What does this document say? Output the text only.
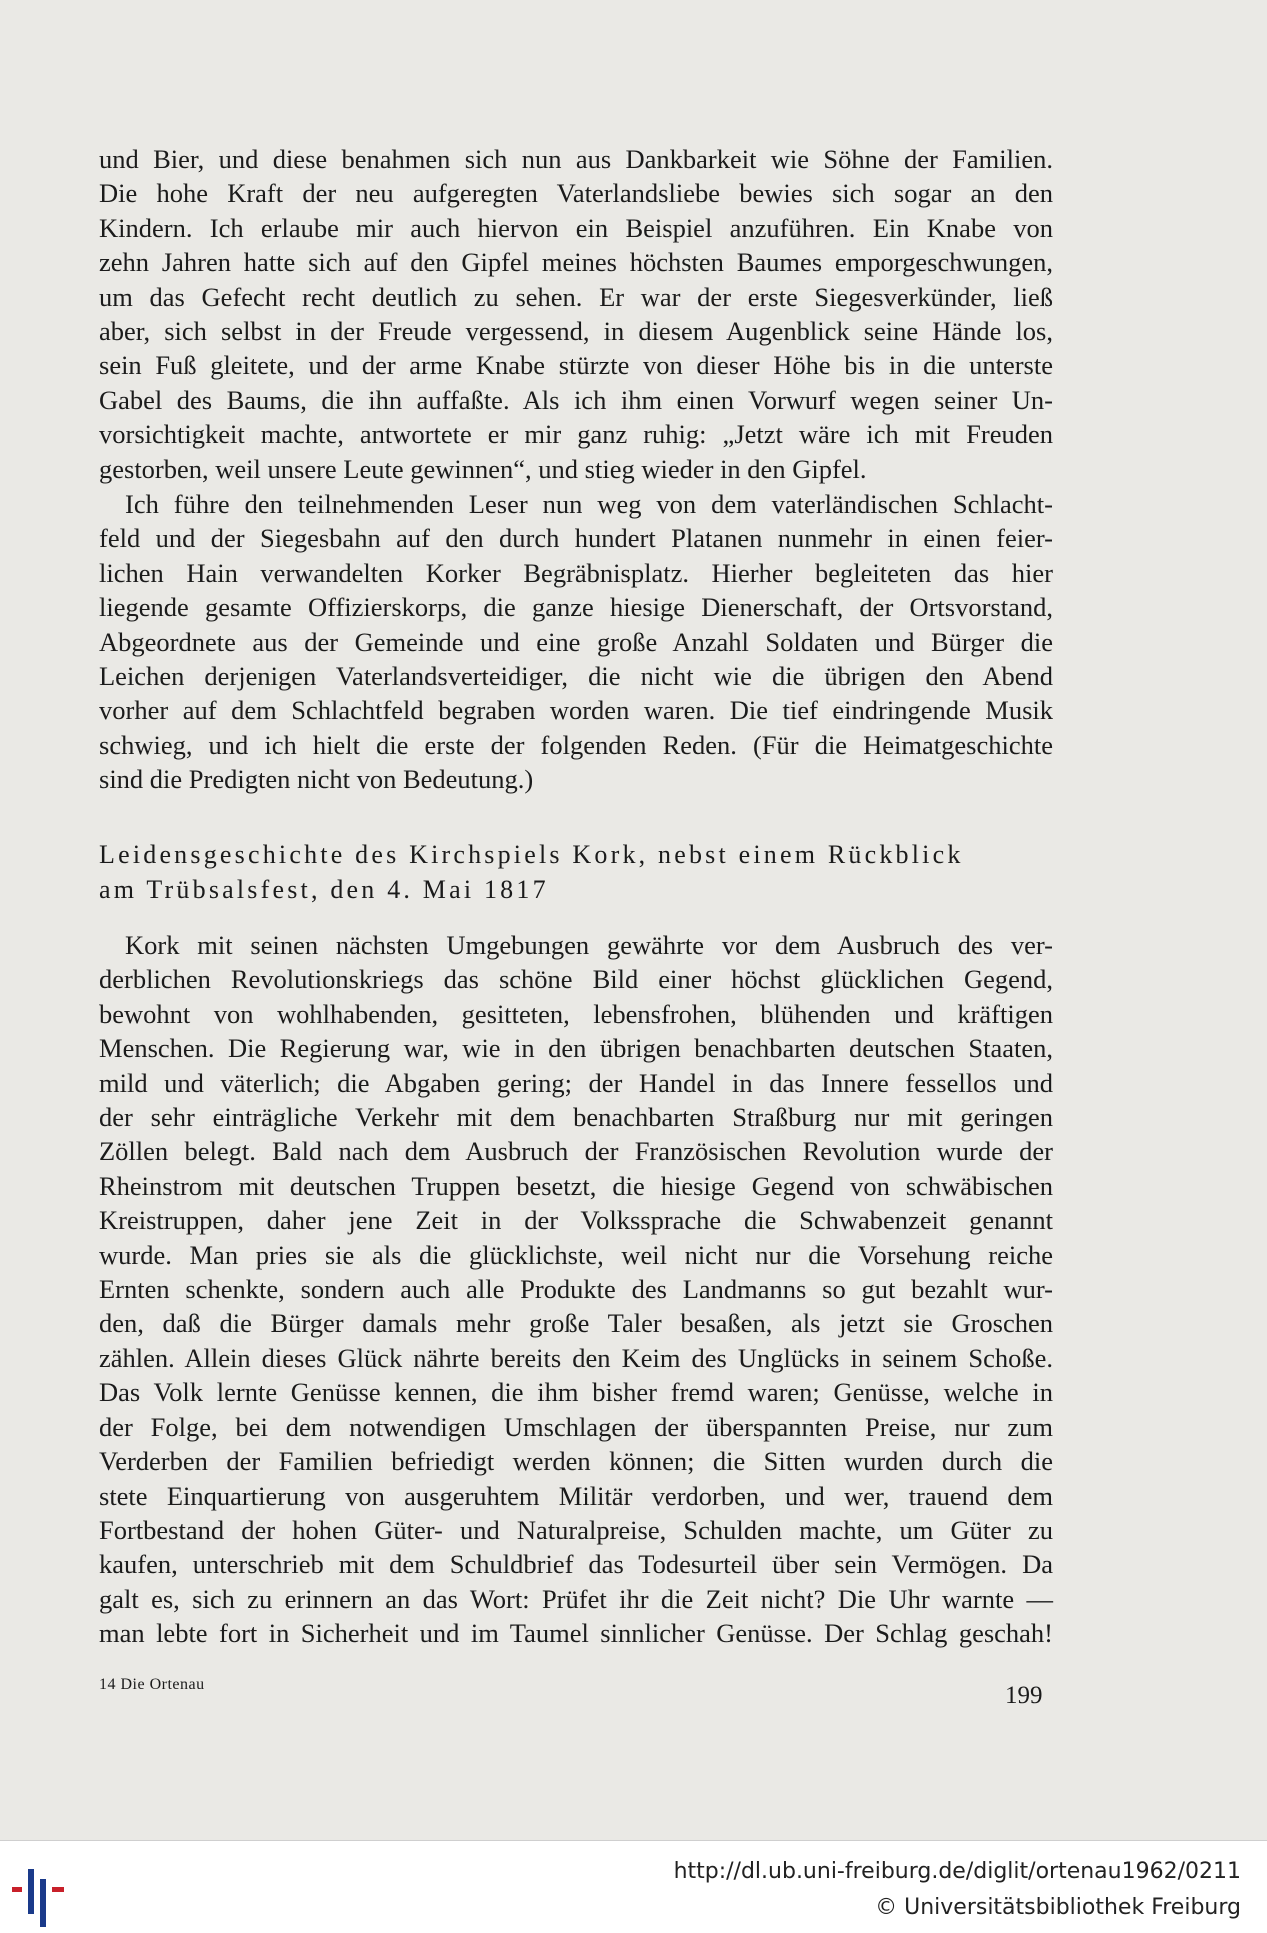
und Bier, und diese benahmen sich nun aus Dankbarkeit wie Söhne der Familien.
Die hohe Kraft der neu aufgeregten Vaterlandsliebe bewies sich sogar an den
Kindern. Ich erlaube mir auch hiervon ein Beispiel anzuführen. Ein Knabe von
zehn Jahren hatte sich auf den Gipfel meines höchsten Baumes emporgeschwungen,
um das Gefecht recht deutlich zu sehen. Er war der erste Siegesverkünder, ließ
aber, sich selbst in der Freude vergessend, in diesem Augenblick seine Hände los,
sein Fuß gleitete, und der arme Knabe stürzte von dieser Höhe bis in die unterste
Gabel des Baums, die ihn auffaßte. Als ich ihm einen Vorwurf wegen seiner Un-
vorsichtigkeit machte, antwortete er mir ganz ruhig: „Jetzt wäre ich mit Freuden
gestorben, weil unsere Leute gewinnen“, und stieg wieder in den Gipfel.

Ich führe den teilnehmenden Leser nun weg von dem vaterländischen Schlacht-
feld und der Siegesbahn auf den durch hundert Platanen nunmehr in einen feier-
lichen Hain verwandelten Korker Begräbnisplatz. Hierher begleiteten das hier
liegende gesamte Offizierskorps, die ganze hiesige Dienerschaft, der Ortsvorstand,
Abgeordnete aus der Gemeinde und eine große Anzahl Soldaten und Bürger die
Leichen derjenigen Vaterlandsverteidiger, die nicht wie die übrigen den Abend
vorher auf dem Schlachtfeld begraben worden waren. Die tief eindringende Musik
schwieg, und ich hielt die erste der folgenden Reden. (Für die Heimatgeschichte
sind die Predigten nicht von Bedeutung.)

Leidensgeschichte des Kirchspiels Kork, nebst einem Rückblick
am Trübsalsfest, den 4. Mai 1817

Kork mit seinen nächsten Umgebungen gewährte vor dem Ausbruch des ver-
derblichen Revolutionskriegs das schöne Bild einer höchst glücklichen Gegend,
bewohnt von wohlhabenden, gesitteten, lebensfrohen, blühenden und kräftigen
Menschen. Die Regierung war, wie in den übrigen benachbarten deutschen Staaten,
mild und väterlich; die Abgaben gering; der Handel in das Innere fessellos und
der sehr einträgliche Verkehr mit dem benachbarten Straßburg nur mit geringen
Zöllen belegt. Bald nach dem Ausbruch der Französischen Revolution wurde der
Rheinstrom mit deutschen Truppen besetzt, die hiesige Gegend von schwäbischen
Kreistruppen, daher jene Zeit in der Volkssprache die Schwabenzeit genannt
wurde. Man pries sie als die glücklichste, weil nicht nur die Vorsehung reiche
Ernten schenkte, sondern auch alle Produkte des Landmanns so gut bezahlt wur-
den, daß die Bürger damals mehr große Taler besaßen, als jetzt sie Groschen
zählen. Allein dieses Glück nährte bereits den Keim des Unglücks in seinem Schoße.
Das Volk lernte Genüsse kennen, die ihm bisher fremd waren; Genüsse, welche in
der Folge, bei dem notwendigen Umschlagen der überspannten Preise, nur zum
Verderben der Familien befriedigt werden können; die Sitten wurden durch die
stete Einquartierung von ausgeruhtem Militär verdorben, und wer, trauend dem
Fortbestand der hohen Güter- und Naturalpreise, Schulden machte, um Güter zu
kaufen, unterschrieb mit dem Schuldbrief das Todesurteil über sein Vermögen. Da
galt es, sich zu erinnern an das Wort: Prüfet ihr die Zeit nicht? Die Uhr warnte —
man lebte fort in Sicherheit und im Taumel sinnlicher Genüsse. Der Schlag geschah!

14 Die Ortenau	199
http://dl.ub.uni-freiburg.de/diglit/ortenau1962/0211
© Universitätsbibliothek Freiburg
